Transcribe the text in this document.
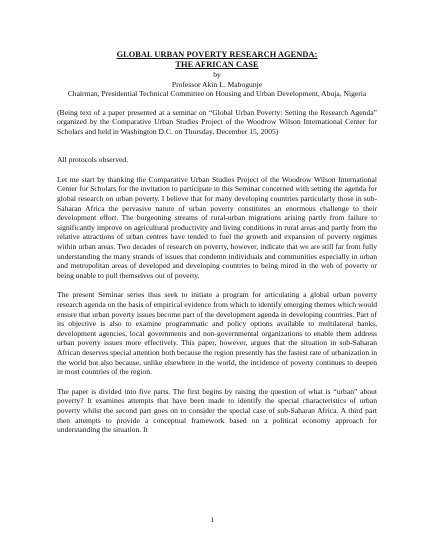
GLOBAL URBAN POVERTY RESEARCH AGENDA:
THE AFRICAN CASE
by
Professor Akin L. Mabogunje
Chairman, Presidential Technical Committee on Housing and Urban Development, Abuja, Nigeria
(Being text of a paper presented at a seminar on “Global Urban Poverty: Setting the Research Agenda” organized by the Comparative Urban Studies Project of the Woodrow Wilson International Center for Scholars and held in Washington D.C. on Thursday, December 15, 2005)
All protocols observed.

Let me start by thanking the Comparative Urban Studies Project of the Woodrow Wilson International Center for Scholars for the invitation to participate in this Seminar concerned with setting the agenda for global research on urban poverty. I believe that for many developing countries particularly those in sub-Saharan Africa the pervasive nature of urban poverty constitutes an enormous challenge to their development effort. The burgeoning streams of rural-urban migrations arising partly from failure to significantly improve on agricultural productivity and living conditions in rural areas and partly from the relative attractions of urban centres have tended to fuel the growth and expansion of poverty regimes within urban areas. Two decades of research on poverty, however, indicate that we are still far from fully understanding the many strands of issues that condemn individuals and communities especially in urban and metropolitan areas of developed and developing countries to being mired in the web of poverty or being unable to pull themselves out of poverty.

The present Seminar series thus seek to initiate a program for articulating a global urban poverty research agenda on the basis of empirical evidence from which to identify emerging themes which would ensure that urban poverty issues become part of the development agenda in developing countries. Part of its objective is also to examine programmatic and policy options available to multilateral banks, development agencies, local governments and non-governmental organizations to enable them address urban poverty issues more effectively. This paper, however, argues that the situation in sub-Saharan African deserves special attention both because the region presently has the fastest rate of urbanization in the world but also because, unlike elsewhere in the world, the incidence of poverty continues to deepen in most countries of the region.

The paper is divided into five parts. The first begins by raising the question of what is “urban” about poverty? It examines attempts that have been made to identify the special characteristics of urban poverty whilst the second part goes on to consider the special case of sub-Saharan Africa. A third part then attempts to provide a conceptual framework based on a political economy approach for understanding the situation. It

1
